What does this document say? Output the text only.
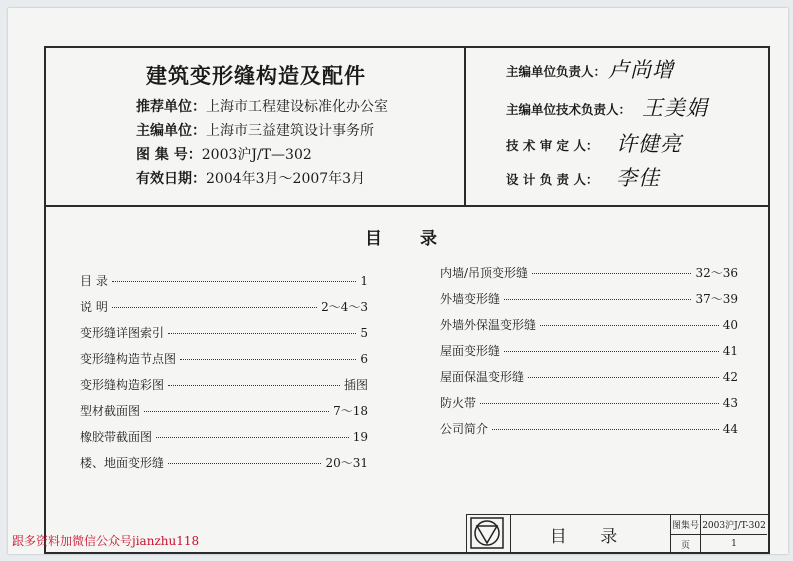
建筑变形缝构造及配件
推荐单位：上海市工程建设标准化办公室
主编单位：上海市三益建筑设计事务所
图 集 号：2003沪J/T—302
有效日期：2004年3月～2007年3月
主编单位负责人： 卢尚增
主编单位技术负责人： 王美娟
技 术 审 定 人： 许健亮
设 计 负 责 人： 李佳
目 录
目 录	1
说 明	2～4～3
变形缝详图索引	5
变形缝构造节点图	6
变形缝构造彩图	插图
型材截面图	7～18
橡胶带截面图	19
楼、地面变形缝	20～31
内墙/吊顶变形缝	32～36
外墙变形缝	37～39
外墙外保温变形缝	40
屋面变形缝	41
屋面保温变形缝	42
防火带	43
公司简介	44
目 录
图集号 2003沪J/T-302
页	1
跟多资料加微信公众号jianzhu118
